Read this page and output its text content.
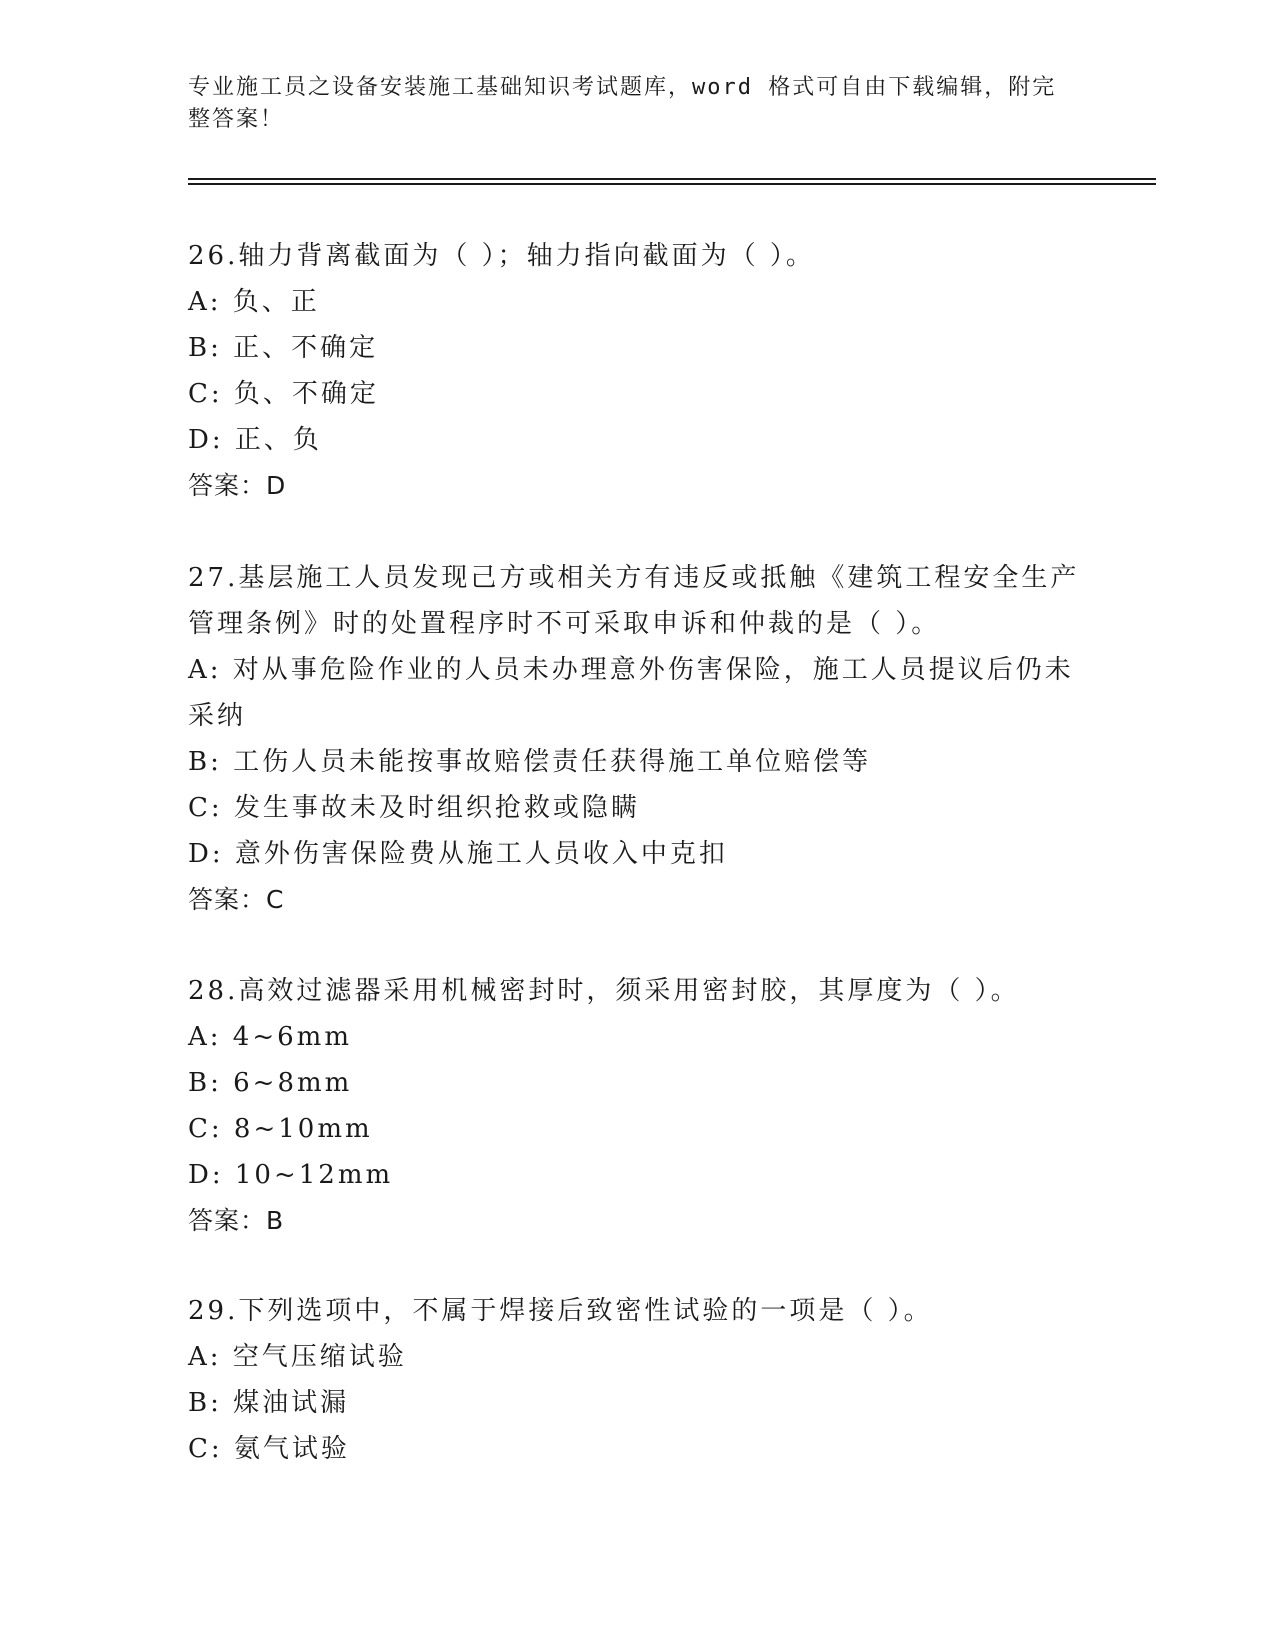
专业施工员之设备安装施工基础知识考试题库，word 格式可自由下载编辑，附完整答案！
26.轴力背离截面为（ ）；轴力指向截面为（ ）。
A: 负、正
B: 正、不确定
C: 负、不确定
D: 正、负
答案：D
27.基层施工人员发现己方或相关方有违反或抵触《建筑工程安全生产管理条例》时的处置程序时不可采取申诉和仲裁的是（ ）。
A: 对从事危险作业的人员未办理意外伤害保险，施工人员提议后仍未采纳
B: 工伤人员未能按事故赔偿责任获得施工单位赔偿等
C: 发生事故未及时组织抢救或隐瞒
D: 意外伤害保险费从施工人员收入中克扣
答案：C
28.高效过滤器采用机械密封时，须采用密封胶，其厚度为（ ）。
A: 4~6mm
B: 6~8mm
C: 8~10mm
D: 10~12mm
答案：B
29.下列选项中，不属于焊接后致密性试验的一项是（ ）。
A: 空气压缩试验
B: 煤油试漏
C: 氨气试验
